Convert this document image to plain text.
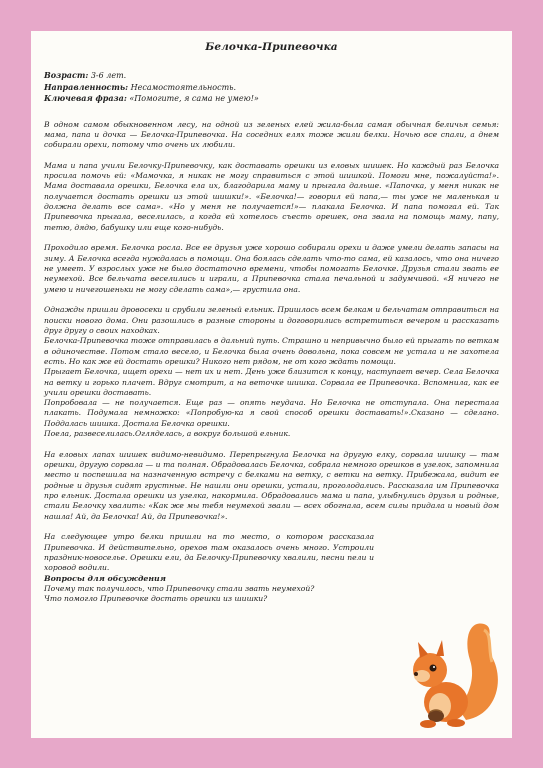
Белочка-Припевочка
Возраст: 3-6 лет.
Направленность: Несамостоятельность.
Ключевая фраза: «Помогите, я сама не умею!»

В одном самом обыкновенном лесу, на одной из зеленых елей жила-была самая обычная беличья семья: мама, папа и дочка — Белочка-Припевочка. На соседних елях тоже жили белки. Ночью все спали, а днем собирали орехи, потому что очень их любили.

Мама и папа учили Белочку-Припевочку, как доставать орешки из еловых шишек. Но каждый раз Белочка просила помочь ей: «Мамочка, я никак не могу справиться с этой шишкой. Помоги мне, пожалуйста!». Мама доставала орешки, Белочка ела их, благодарила маму и прыгала дальше. «Папочка, у меня никак не получается достать орешки из этой шишки!». «Белочка!— говорил ей папа,— ты уже не маленькая и должна делать все сама». «Но у меня не получается!»— плакала Белочка. И папа помогал ей. Так Припевочка прыгала, веселилась, а когда ей хотелось съесть орешек, она звала на помощь маму, папу, тетю, дядю, бабушку или еще кого-нибудь.

Проходило время. Белочка росла. Все ее друзья уже хорошо собирали орехи и даже умели делать запасы на зиму. А Белочка всегда нуждалась в помощи. Она боялась сделать что-то сама, ей казалось, что она ничего не умеет. У взрослых уже не было достаточно времени, чтобы помогать Белочке. Друзья стали звать ее неумехой. Все бельчата веселились и играли, а Припевочка стала печальной и задумчивой. «Я ничего не умею и ничегошеньки не могу сделать сама»,— грустила она.

Однажды пришли дровосеки и срубили зеленый ельник. Пришлось всем белкам и бельчатам отправиться на поиски нового дома. Они разошлись в разные стороны и договорились встретиться вечером и рассказать друг другу о своих находках.
Белочка-Припевочка тоже отправилась в дальний путь. Страшно и непривычно было ей прыгать по веткам в одиночестве. Потом стало весело, и Белочка была очень довольна, пока совсем не устала и не захотела есть. Но как же ей достать орешки? Никого нет рядом, не от кого ждать помощи.
Прыгает Белочка, ищет орехи — нет их и нет. День уже близится к концу, наступает вечер. Села Белочка на ветку и горько плачет. Вдруг смотрит, а на веточке шишка. Сорвала ее Припевочка. Вспомнила, как ее учили орешки доставать.
Попробовала — не получается. Еще раз — опять неудача. Но Белочка не отступала. Она перестала плакать. Подумала немножко: «Попробую-ка я свой способ орешки доставать!».Сказано — сделано. Поддалась шишка. Достала Белочка орешки.
Поела, развеселилась.Огляделась, а вокруг большой ельник.

На еловых лапах шишек видимо-невидимо. Перепрыгнула Белочка на другую елку, сорвала шишку — там орешки, другую сорвала — и та полная. Обрадовалась Белочка, собрала немного орешков в узелок, запомнила место и поспешила на назначенную встречу с белками на ветку, с ветки на ветку. Прибежала, видит ее родные и друзья сидят грустные. Не нашли они орешки, устали, проголодались. Рассказала им Припевочка про ельник. Достала орешки из узелка, накормила. Обрадовались мама и папа, улыбнулись друзья и родные, стали Белочку хвалить: «Как же мы тебя неумехой звали — всех обогнала, всем силы придала и новый дом нашла! Ай, да Белочка! Ай, да Припевочка!».

На следующее утро белки пришли на то место, о котором рассказала Припевочка. И действительно, орехов там оказалось очень много. Устроили праздник-новоселье. Орешки ели, да Белочку-Припевочку хвалили, песни пели и хоровод водили.

Вопросы для обсуждения
Почему так получилось, что Припевочку стали звать неумехой?
Что помогло Припевочке достать орешки из шишки?
